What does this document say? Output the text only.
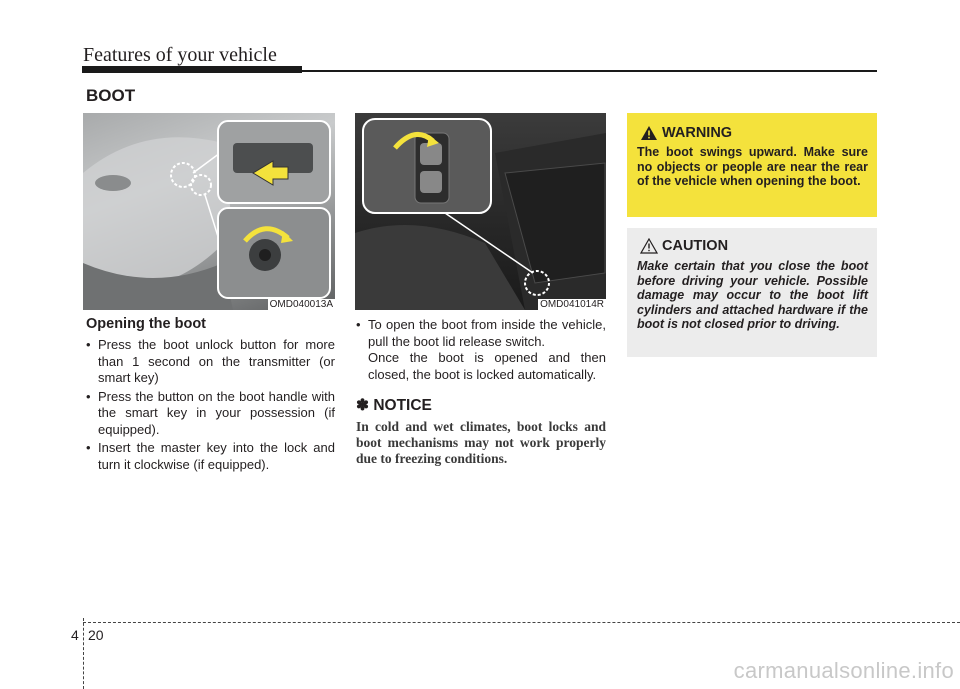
Features of your vehicle
BOOT
OMD040013A	OMD041014R
Opening the boot
• Press the boot unlock button for more than 1 second on the transmitter (or smart key)
• Press the button on the boot handle with the smart key in your possession (if equipped).
• Insert the master key into the lock and turn it clockwise (if equipped).
• To open the boot from inside the vehicle, pull the boot lid release switch.
Once the boot is opened and then closed, the boot is locked automatically.
✽ NOTICE
In cold and wet climates, boot locks and boot mechanisms may not work properly due to freezing conditions.
WARNING
The boot swings upward. Make sure no objects or people are near the rear of the vehicle when opening the boot.
CAUTION
Make certain that you close the boot before driving your vehicle. Possible damage may occur to the boot lift cylinders and attached hardware if the boot is not closed prior to driving.
4 20
carmanualsonline.info
